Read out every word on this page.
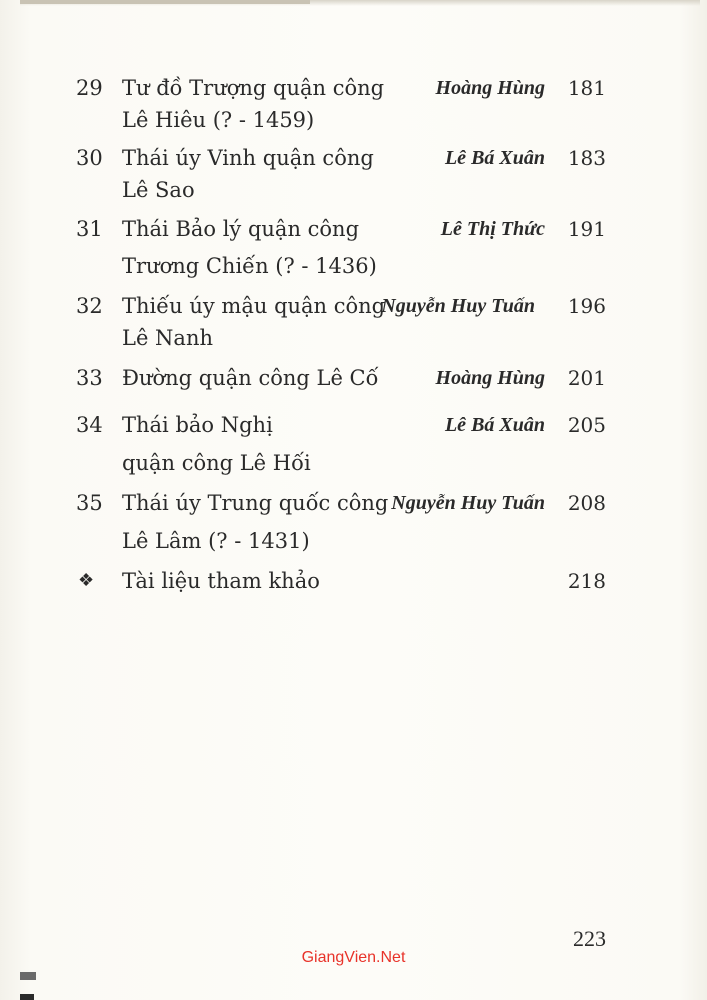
29 Tư đồ Trượng quận công
Lê Hiêu (? - 1459)
Hoàng Hùng	181
30 Thái úy Vinh quận công
Lê Sao
Lê Bá Xuân	183
31 Thái Bảo lý quận công
Trương Chiến (? - 1436)
Lê Thị Thức	191
32 Thiếu úy mậu quận công
Lê Nanh
Nguyễn Huy Tuấn	196
33 Đường quận công Lê Cố	Hoàng Hùng	201
34 Thái bảo Nghị
quận công Lê Hối
Lê Bá Xuân	205
35 Thái úy Trung quốc công
Lê Lâm (? - 1431)
Nguyễn Huy Tuấn	208
❖	Tài liệu tham khảo	218
223
GiangVien.Net
